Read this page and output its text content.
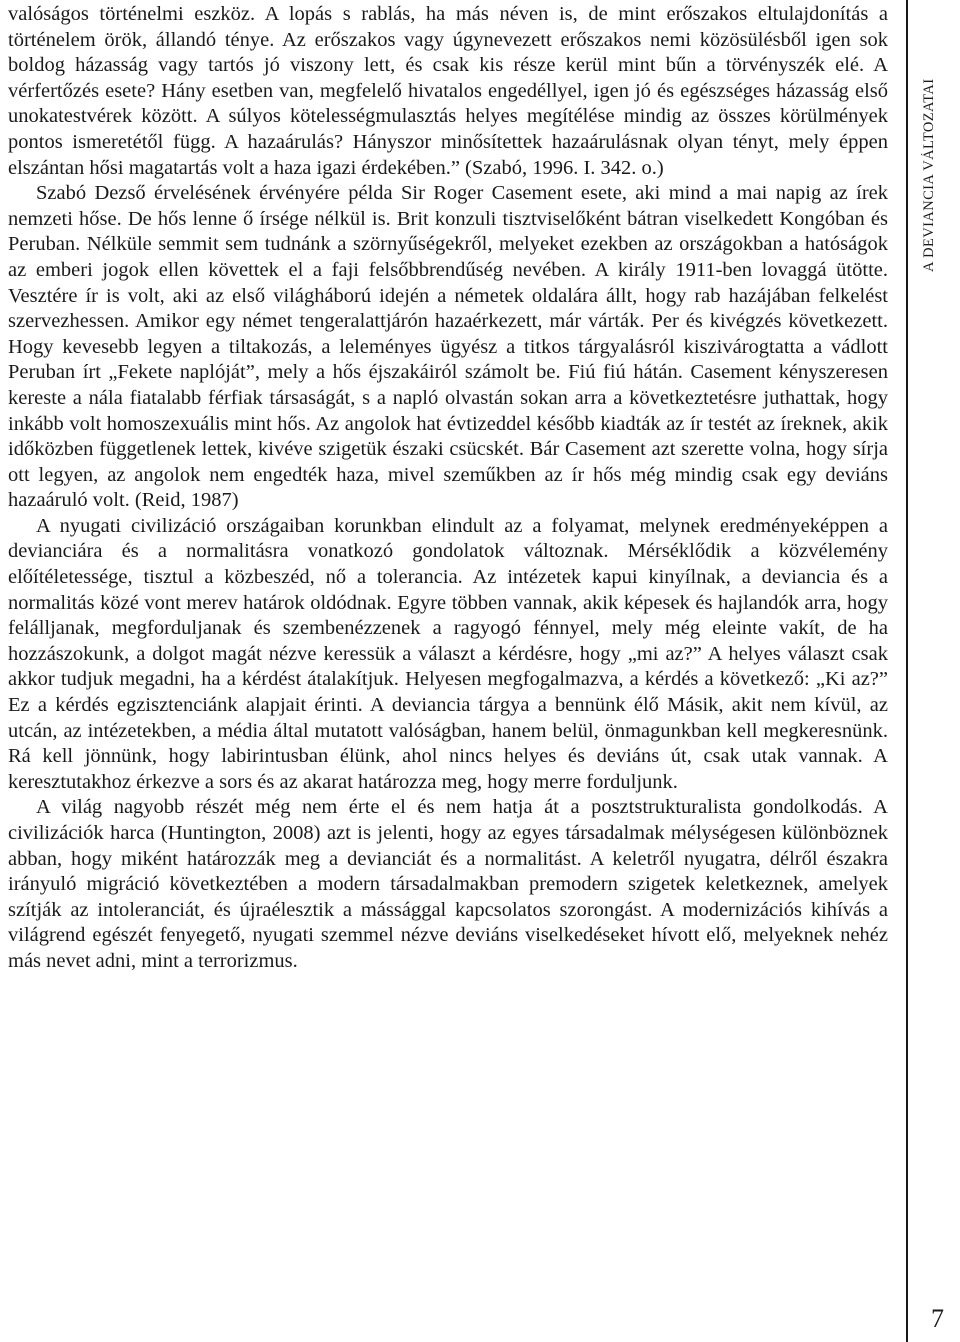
valóságos történelmi eszköz. A lopás s rablás, ha más néven is, de mint erőszakos eltulajdonítás a történelem örök, állandó ténye. Az erőszakos vagy úgynevezett erőszakos nemi közösülésből igen sok boldog házasság vagy tartós jó viszony lett, és csak kis része kerül mint bűn a törvényszék elé. A vérfertőzés esete? Hány esetben van, megfelelő hivatalos engedéllyel, igen jó és egészséges házasság első unokatestvérek között. A súlyos kötelességmulasztás helyes megítélése mindig az összes körülmények pontos ismeretétől függ. A hazaárulás? Hányszor minősítettek hazaárulásnak olyan tényt, mely éppen elszántan hősi magatartás volt a haza igazi érdekében.” (Szabó, 1996. I. 342. o.)

Szabó Dezső érvelésének érvényére példa Sir Roger Casement esete, aki mind a mai napig az írek nemzeti hőse. De hős lenne ő írsége nélkül is. Brit konzuli tisztviselőként bátran viselkedett Kongóban és Peruban. Nélküle semmit sem tudnánk a szörnyűségekről, melyeket ezekben az országokban a hatóságok az emberi jogok ellen követtek el a faji felsőbbrendűség nevében. A király 1911-ben lovaggá ütötte. Vesztére ír is volt, aki az első világháború idején a németek oldalára állt, hogy rab hazájában felkelést szervezhessen. Amikor egy német tengeralattjárón hazaérkezett, már várták. Per és kivégzés következett. Hogy kevesebb legyen a tiltakozás, a leleményes ügyész a titkos tárgyalásról kiszivárogtatta a vádlott Peruban írt „Fekete naplóját”, mely a hős éjszakáiról számolt be. Fiú fiú hátán. Casement kényszeresen kereste a nála fiatalabb férfiak társaságát, s a napló olvastán sokan arra a következtetésre juthattak, hogy inkább volt homoszexuális mint hős. Az angolok hat évtizeddel később kiadták az ír testét az íreknek, akik időközben függetlenek lettek, kivéve szigetük északi csücskét. Bár Casement azt szerette volna, hogy sírja ott legyen, az angolok nem engedték haza, mivel szeműkben az ír hős még mindig csak egy deviáns hazaáruló volt. (Reid, 1987)

A nyugati civilizáció országaiban korunkban elindult az a folyamat, melynek eredményeképpen a devianciára és a normalitásra vonatkozó gondolatok változnak. Mérséklődik a közvélemény előítéletessége, tisztul a közbeszéd, nő a tolerancia. Az intézetek kapui kinyílnak, a deviancia és a normalitás közé vont merev határok oldódnak. Egyre többen vannak, akik képesek és hajlandók arra, hogy felálljanak, megforduljanak és szembenézzenek a ragyogó fénnyel, mely még eleinte vakít, de ha hozzászokunk, a dolgot magát nézve keressük a választ a kérdésre, hogy „mi az?” A helyes választ csak akkor tudjuk megadni, ha a kérdést átalakítjuk. Helyesen megfogalmazva, a kérdés a következő: „Ki az?” Ez a kérdés egzisztenciánk alapjait érinti. A deviancia tárgya a bennünk élő Másik, akit nem kívül, az utcán, az intézetekben, a média által mutatott valóságban, hanem belül, önmagunkban kell megkeresnünk. Rá kell jönnünk, hogy labirintusban élünk, ahol nincs helyes és deviáns út, csak utak vannak. A keresztutakhoz érkezve a sors és az akarat határozza meg, hogy merre forduljunk.

A világ nagyobb részét még nem érte el és nem hatja át a posztstrukturalista gondolkodás. A civilizációk harca (Huntington, 2008) azt is jelenti, hogy az egyes társadalmak mélységesen különböznek abban, hogy miként határozzák meg a devianciát és a normalitást. A keletről nyugatra, délről északra irányuló migráció következtében a modern társadalmakban premodern szigetek keletkeznek, amelyek szítják az intoleranciát, és újraélesztik a mássággal kapcsolatos szorongást. A modernizációs kihívás a világrend egészét fenyegető, nyugati szemmel nézve deviáns viselkedéseket hívott elő, melyeknek nehéz más nevet adni, mint a terrorizmus.

A DEVIANCIA VÁLTOZATAI
7
